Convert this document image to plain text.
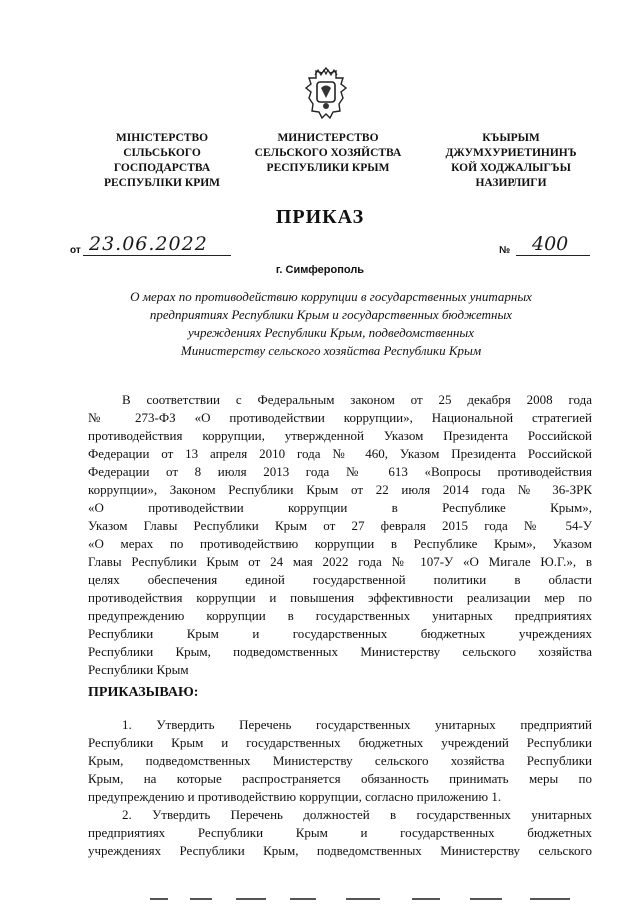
МІНІСТЕРСТВО
СІЛЬСЬКОГО
ГОСПОДАРСТВА
РЕСПУБЛІКИ КРИМ
МИНИСТЕРСТВО
СЕЛЬСКОГО ХОЗЯЙСТВА
РЕСПУБЛИКИ КРЫМ
КЪЫРЫМ
ДЖУМХУРИЕТИНИНЪ
КОЙ ХОДЖАЛЫГЪЫ
НАЗИРЛИГИ
ПРИКАЗ
от 23.06.2022	№ 400
г. Симферополь
О мерах по противодействию коррупции в государственных унитарных
предприятиях Республики Крым и государственных бюджетных
учреждениях Республики Крым, подведомственных
Министерству сельского хозяйства Республики Крым
В соответствии с Федеральным законом от 25 декабря 2008 года
№ 273-ФЗ «О противодействии коррупции», Национальной стратегией
противодействия коррупции, утвержденной Указом Президента Российской
Федерации от 13 апреля 2010 года № 460, Указом Президента Российской
Федерации от 8 июля 2013 года № 613 «Вопросы противодействия
коррупции», Законом Республики Крым от 22 июля 2014 года № 36-ЗРК
«О противодействии коррупции в Республике Крым»,
Указом Главы Республики Крым от 27 февраля 2015 года № 54-У
«О мерах по противодействию коррупции в Республике Крым», Указом
Главы Республики Крым от 24 мая 2022 года № 107-У «О Мигале Ю.Г.», в
целях обеспечения единой государственной политики в области
противодействия коррупции и повышения эффективности реализации мер по
предупреждению коррупции в государственных унитарных предприятиях
Республики Крым и государственных бюджетных учреждениях
Республики Крым, подведомственных Министерству сельского хозяйства
Республики Крым
ПРИКАЗЫВАЮ:
1. Утвердить Перечень государственных унитарных предприятий
Республики Крым и государственных бюджетных учреждений Республики
Крым, подведомственных Министерству сельского хозяйства Республики
Крым, на которые распространяется обязанность принимать меры по
предупреждению и противодействию коррупции, согласно приложению 1.
2. Утвердить Перечень должностей в государственных унитарных
предприятиях Республики Крым и государственных бюджетных
учреждениях Республики Крым, подведомственных Министерству сельского
